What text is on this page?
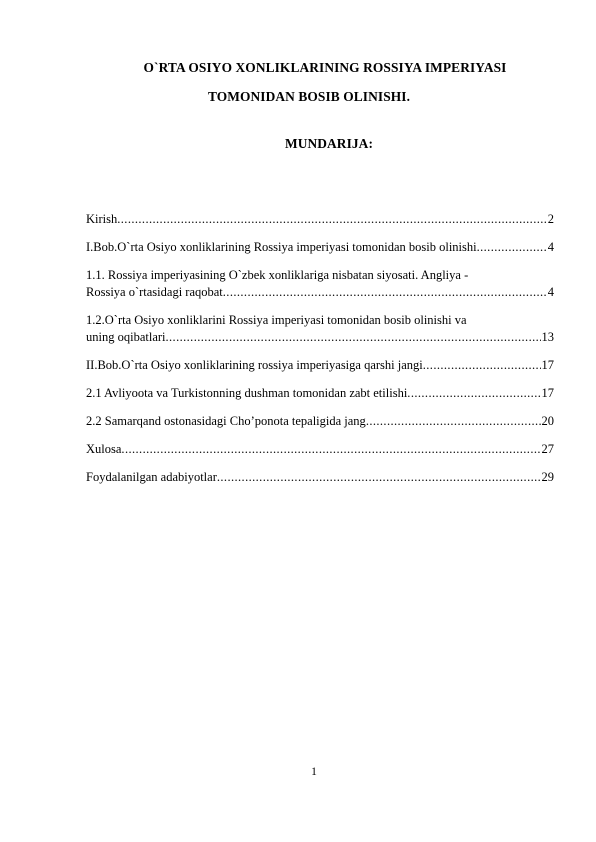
O`RTA OSIYO XONLIKLARINING ROSSIYA IMPERIYASI
TOMONIDAN BOSIB OLINISHI.
MUNDARIJA:
Kirish .....	2
I.Bob.O`rta Osiyo xonliklarining Rossiya imperiyasi tomonidan bosib olinishi .....	4
1.1. Rossiya imperiyasining O`zbek xonliklariga nisbatan siyosati. Angliya -
Rossiya o`rtasidagi raqobat .....	4
1.2.O`rta Osiyo xonliklarini Rossiya imperiyasi tomonidan bosib olinishi va
uning oqibatlari .....	13
II.Bob.O`rta Osiyo xonliklarining rossiya imperiyasiga qarshi jangi .....	17
2.1 Avliyoota va Turkistonning dushman tomonidan zabt etilishi .....	17
2.2 Samarqand ostonasidagi Cho’ponota tepaligida jang .....	20
Xulosa .....	27
Foydalanilgan adabiyotlar .....	29
1
